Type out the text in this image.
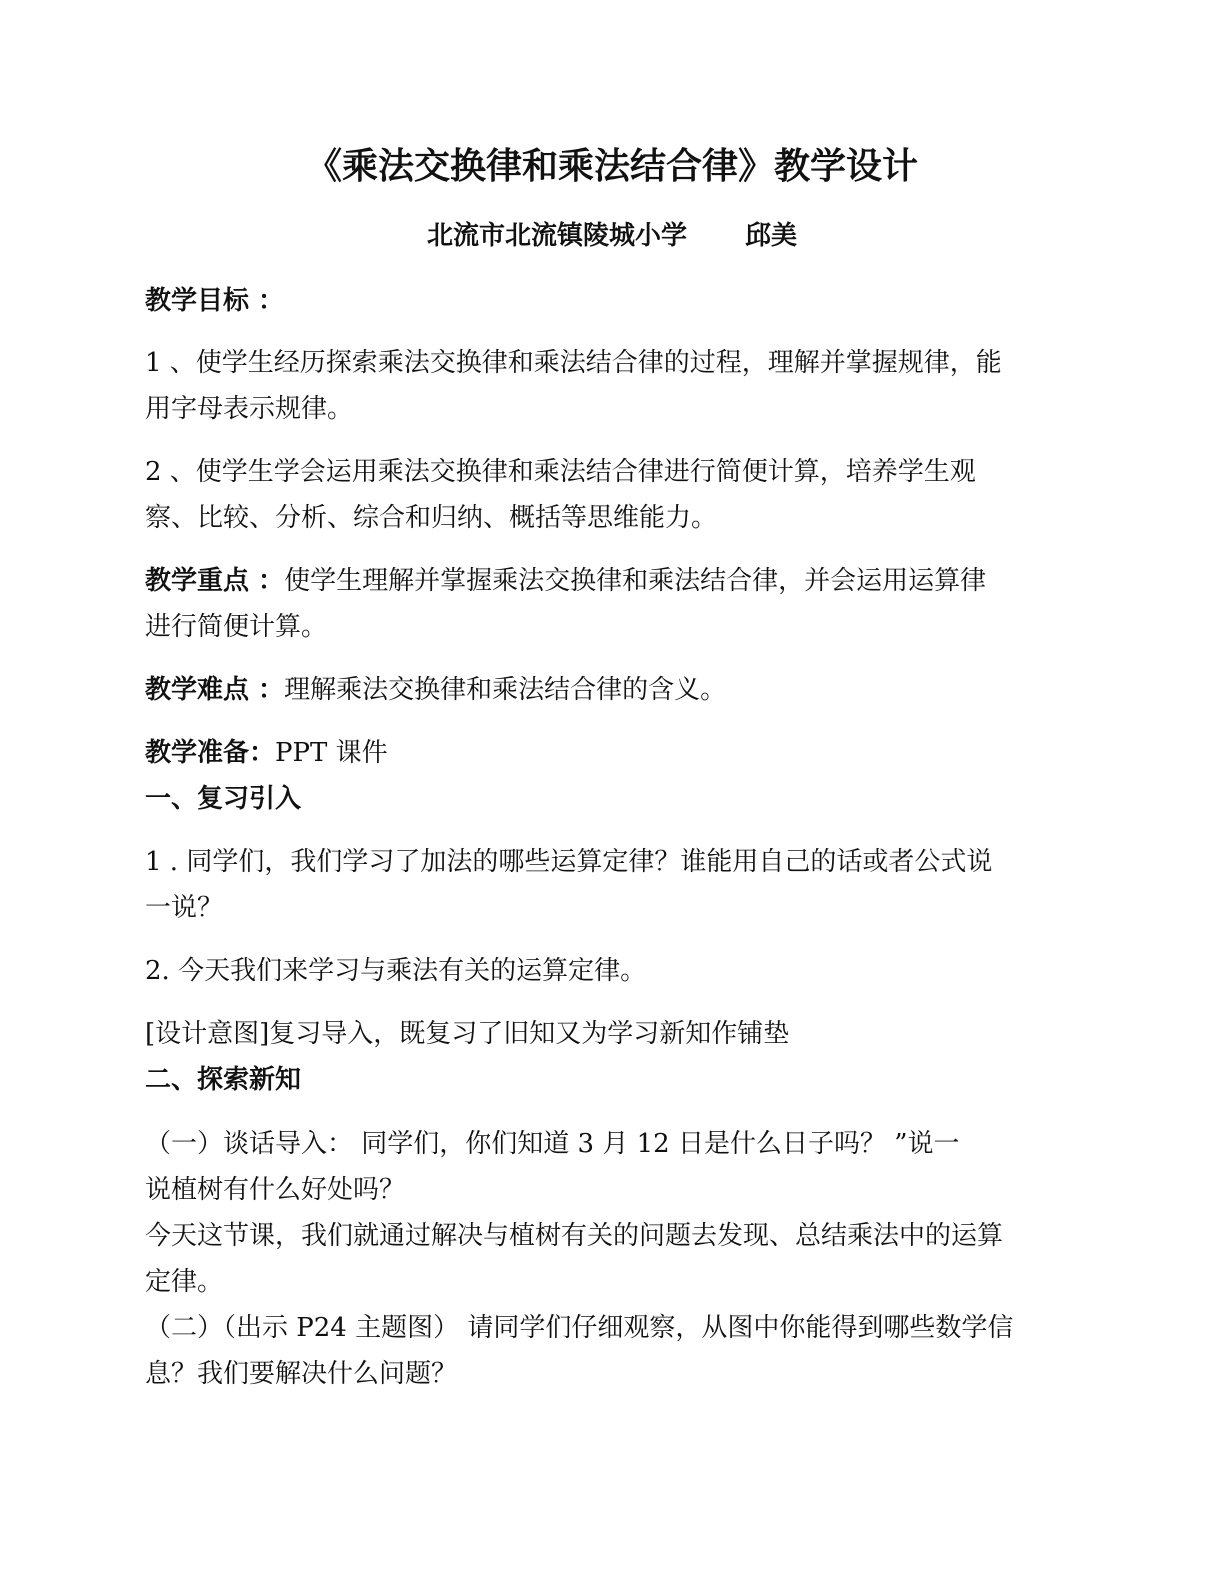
《乘法交换律和乘法结合律》教学设计
北流市北流镇陵城小学 邱美
教学目标 ：
1 、使学生经历探索乘法交换律和乘法结合律的过程，理解并掌握规律，能
用字母表示规律。
2 、使学生学会运用乘法交换律和乘法结合律进行简便计算，培养学生观
察、比较、分析、综合和归纳、概括等思维能力。
教学重点 ：使学生理解并掌握乘法交换律和乘法结合律，并会运用运算律
进行简便计算。
教学难点 ：理解乘法交换律和乘法结合律的含义。
教学准备：PPT 课件
一、复习引入
1 . 同学们，我们学习了加法的哪些运算定律？谁能用自己的话或者公式说
一说？
2. 今天我们来学习与乘法有关的运算定律。
[设计意图]复习导入，既复习了旧知又为学习新知作铺垫
二、探索新知
（一）谈话导入： 同学们，你们知道 3 月 12 日是什么日子吗？ ”说一
说植树有什么好处吗？
今天这节课，我们就通过解决与植树有关的问题去发现、总结乘法中的运算
定律。
（二）（出示 P24 主题图） 请同学们仔细观察，从图中你能得到哪些数学信
息？我们要解决什么问题？
